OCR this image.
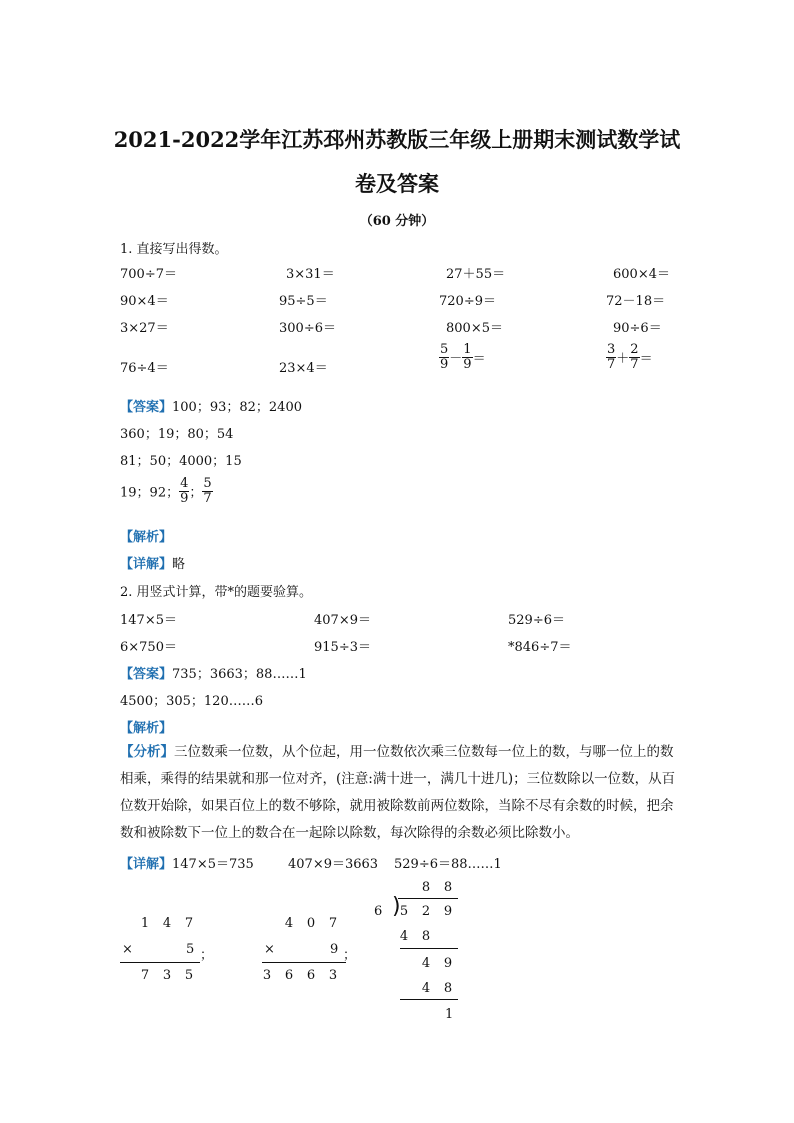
2021-2022学年江苏邳州苏教版三年级上册期末测试数学试
卷及答案
（60 分钟）
1. 直接写出得数。
700÷7＝	3×31＝	27＋55＝	600×4＝
90×4＝	95÷5＝	720÷9＝	72－18＝
3×27＝	300÷6＝	800×5＝	90÷6＝
76÷4＝	23×4＝	$\frac{5}{9} - \frac{1}{9}$ ＝	$\frac{3}{7} + \frac{2}{7}$ ＝
【答案】100；93；82；2400
360；19；80；54
81；50；4000；15
19；92； $\frac{4}{9}$ ； $\frac{5}{7}$
【解析】
【详解】略
2. 用竖式计算，带*的题要验算。
147×5＝	407×9＝	529÷6＝
6×750＝	915÷3＝	*846÷7＝
【答案】735；3663；88……1
4500；305；120……6
【解析】
【分析】三位数乘一位数，从个位起，用一位数依次乘三位数每一位上的数，与哪一位上的数相乘，乘得的结果就和那一位对齐，(注意:满十进一，满几十进几)；三位数除以一位数，从百位数开始除，如果百位上的数不够除，就用被除数前两位数除，当除不尽有余数的时候，把余数和被除数下一位上的数合在一起除以除数，每次除得的余数必须比除数小。
【详解】147×5＝735	407×9＝3663 529÷6＝88……1
1 4 7
×	5 ；
7 3 5
4 0 7
×	9 ；
3 6 6 3
8 8
6 ) 5 2 9
4 8
4 9
4 8
1
